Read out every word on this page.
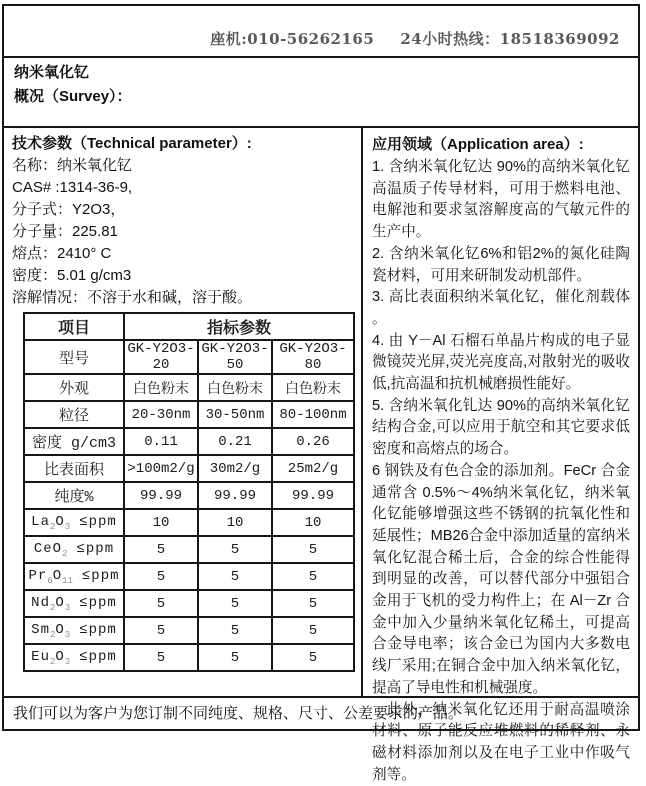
座机:010-56262165 24小时热线：18518369092
纳米氧化钇
概况（Survey）：
技术参数（Technical parameter）:
名称：纳米氧化钇
CAS# :1314-36-9,
分子式：Y2O3，
分子量：225.81
熔点：2410° C
密度：5.01 g/cm3
溶解情况：不溶于水和碱，溶于酸。
项目	指标参数		
型号	GK-Y2O3-20	GK-Y2O3-50	GK-Y2O3-80
外观	白色粉末	白色粉末	白色粉末
粒径	20-30nm	30-50nm	80-100nm
密度 g/cm3	0.11	0.21	0.26
比表面积	>100m2/g	30m2/g	25m2/g
纯度%	99.99	99.99	99.99

$La_2O_3 \le ppm$	10	10	10

CeO$_2$ ≤ppm	5	5	5

$Pr_6O_{11} \le ppm$	5	5	5

$Nd_2O_3 \le ppm$	5	5	5

$Sm_2O_3 \le ppm$	5	5	5

$Eu_2O_3 \le ppm$	5	5	5
应用领域（Application area）:

1. 含纳米氧化钇达 90%的高纳米氧化钇高温质子传导材料，可用于燃料电池、电解池和要求氢溶解度高的气敏元件的生产中。

2. 含纳米氧化钇6%和铝2%的氮化硅陶瓷材料，可用来研制发动机部件。

3. 高比表面积纳米氧化钇，催化剂载体 。

4. 由 Y－Al 石榴石单晶片构成的电子显微镜荧光屏,荧光亮度高,对散射光的吸收低,抗高温和抗机械磨损性能好。

5. 含纳米氧化钆达 90%的高纳米氧化钇结构合金,可以应用于航空和其它要求低密度和高熔点的场合。

6 钢铁及有色合金的添加剂。FeCr 合金通常含 0.5%～4%纳米氧化钇，纳米氧化钇能够增强这些不锈钢的抗氧化性和延展性；MB26合金中添加适量的富纳米氧化钇混合稀土后，合金的综合性能得到明显的改善，可以替代部分中强铝合金用于飞机的受力构件上；在 Al－Zr 合金中加入少量纳米氧化钇稀土，可提高合金导电率；该合金已为国内大多数电线厂采用;在铜合金中加入纳米氧化钇，提高了导电性和机械强度。

此外，纳米氧化钇还用于耐高温喷涂材料、原子能反应堆燃料的稀释剂、永磁材料添加剂以及在电子工业中作吸气剂等。

我们可以为客户为您订制不同纯度、规格、尺寸、公差要求的产品。
